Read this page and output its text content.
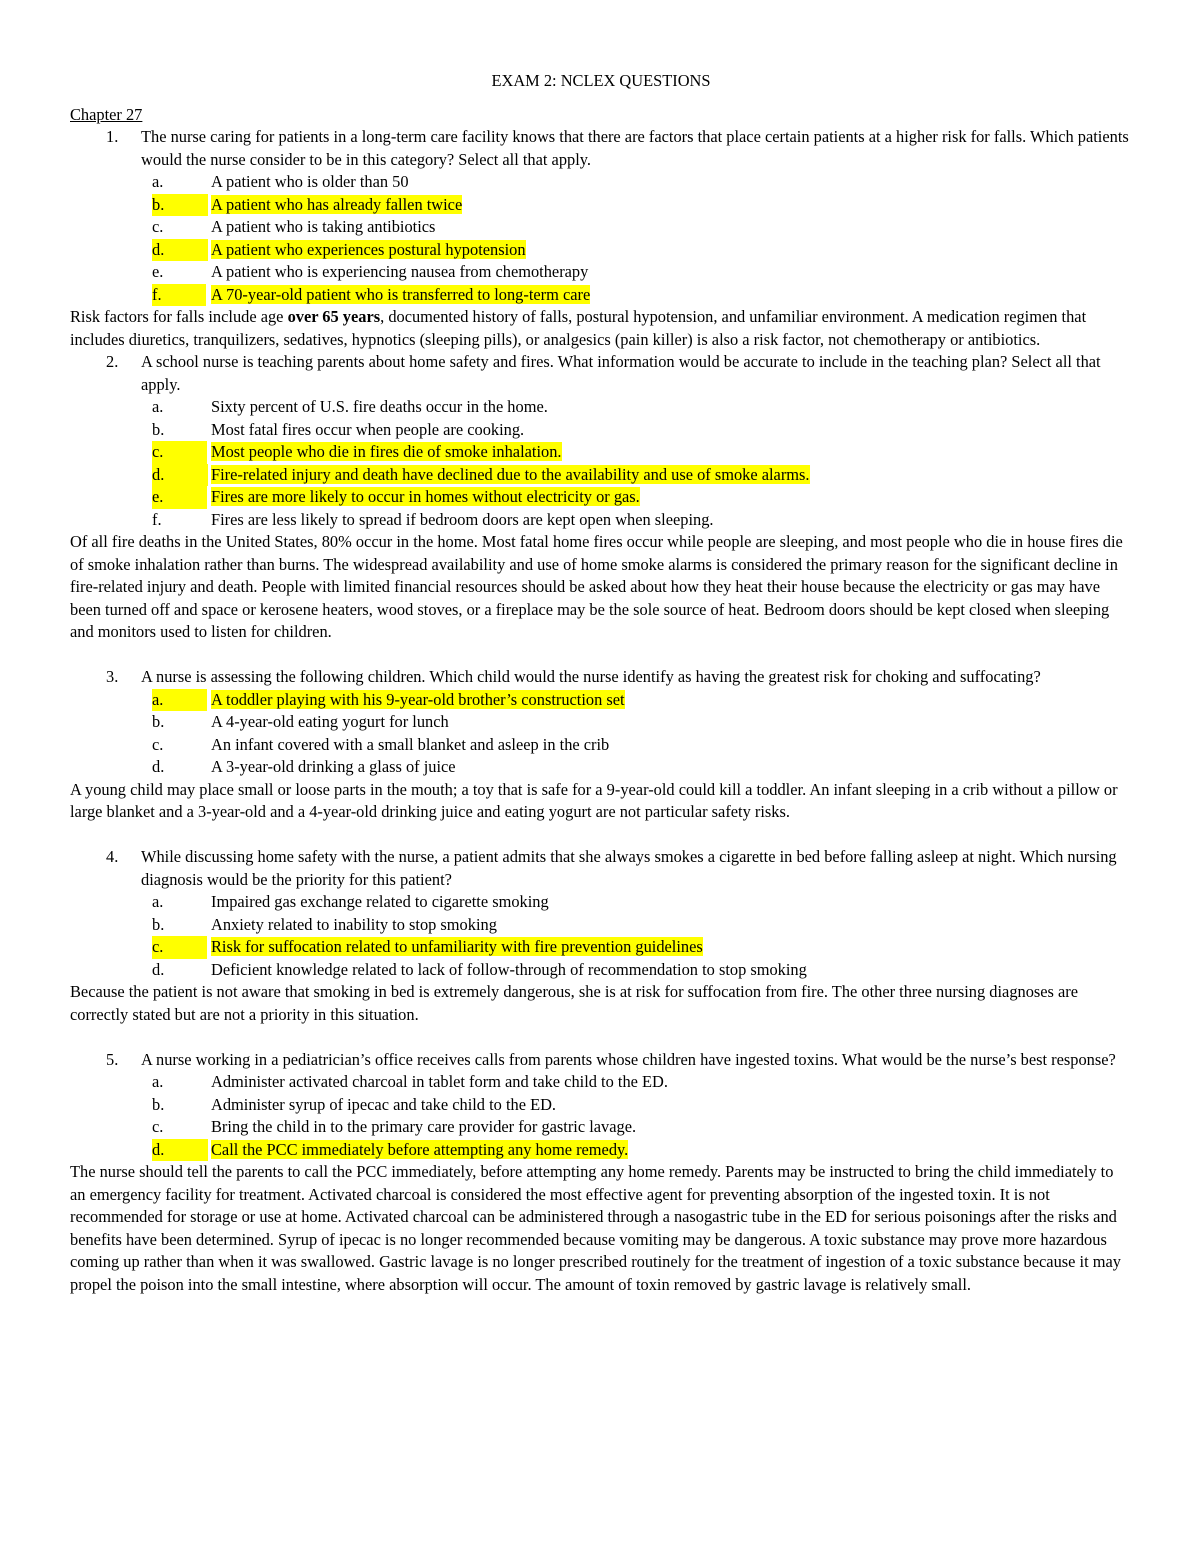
EXAM 2: NCLEX QUESTIONS
Chapter 27
1. The nurse caring for patients in a long-term care facility knows that there are factors that place certain patients at a higher risk for falls. Which patients would the nurse consider to be in this category? Select all that apply.
a.	A patient who is older than 50
b.	A patient who has already fallen twice
c.	A patient who is taking antibiotics
d.	A patient who experiences postural hypotension
e.	A patient who is experiencing nausea from chemotherapy
f.	A 70-year-old patient who is transferred to long-term care
Risk factors for falls include age over 65 years, documented history of falls, postural hypotension, and unfamiliar environment. A medication regimen that includes diuretics, tranquilizers, sedatives, hypnotics (sleeping pills), or analgesics (pain killer) is also a risk factor, not chemotherapy or antibiotics.
2. A school nurse is teaching parents about home safety and fires. What information would be accurate to include in the teaching plan? Select all that apply.
a.	Sixty percent of U.S. fire deaths occur in the home.
b.	Most fatal fires occur when people are cooking.
c.	Most people who die in fires die of smoke inhalation.
d.	Fire-related injury and death have declined due to the availability and use of smoke alarms.
e.	Fires are more likely to occur in homes without electricity or gas.
f.	Fires are less likely to spread if bedroom doors are kept open when sleeping.
Of all fire deaths in the United States, 80% occur in the home. Most fatal home fires occur while people are sleeping, and most people who die in house fires die of smoke inhalation rather than burns. The widespread availability and use of home smoke alarms is considered the primary reason for the significant decline in fire-related injury and death. People with limited financial resources should be asked about how they heat their house because the electricity or gas may have been turned off and space or kerosene heaters, wood stoves, or a fireplace may be the sole source of heat. Bedroom doors should be kept closed when sleeping and monitors used to listen for children.
3. A nurse is assessing the following children. Which child would the nurse identify as having the greatest risk for choking and suffocating?
a.	A toddler playing with his 9-year-old brother’s construction set
b.	A 4-year-old eating yogurt for lunch
c.	An infant covered with a small blanket and asleep in the crib
d.	A 3-year-old drinking a glass of juice
A young child may place small or loose parts in the mouth; a toy that is safe for a 9-year-old could kill a toddler. An infant sleeping in a crib without a pillow or large blanket and a 3-year-old and a 4-year-old drinking juice and eating yogurt are not particular safety risks.
4. While discussing home safety with the nurse, a patient admits that she always smokes a cigarette in bed before falling asleep at night. Which nursing diagnosis would be the priority for this patient?
a.	Impaired gas exchange related to cigarette smoking
b.	Anxiety related to inability to stop smoking
c.	Risk for suffocation related to unfamiliarity with fire prevention guidelines
d.	Deficient knowledge related to lack of follow-through of recommendation to stop smoking
Because the patient is not aware that smoking in bed is extremely dangerous, she is at risk for suffocation from fire. The other three nursing diagnoses are correctly stated but are not a priority in this situation.
5. A nurse working in a pediatrician’s office receives calls from parents whose children have ingested toxins. What would be the nurse’s best response?
a.	Administer activated charcoal in tablet form and take child to the ED.
b.	Administer syrup of ipecac and take child to the ED.
c.	Bring the child in to the primary care provider for gastric lavage.
d.	Call the PCC immediately before attempting any home remedy.
The nurse should tell the parents to call the PCC immediately, before attempting any home remedy. Parents may be instructed to bring the child immediately to an emergency facility for treatment. Activated charcoal is considered the most effective agent for preventing absorption of the ingested toxin. It is not recommended for storage or use at home. Activated charcoal can be administered through a nasogastric tube in the ED for serious poisonings after the risks and benefits have been determined. Syrup of ipecac is no longer recommended because vomiting may be dangerous. A toxic substance may prove more hazardous coming up rather than when it was swallowed. Gastric lavage is no longer prescribed routinely for the treatment of ingestion of a toxic substance because it may propel the poison into the small intestine, where absorption will occur. The amount of toxin removed by gastric lavage is relatively small.
